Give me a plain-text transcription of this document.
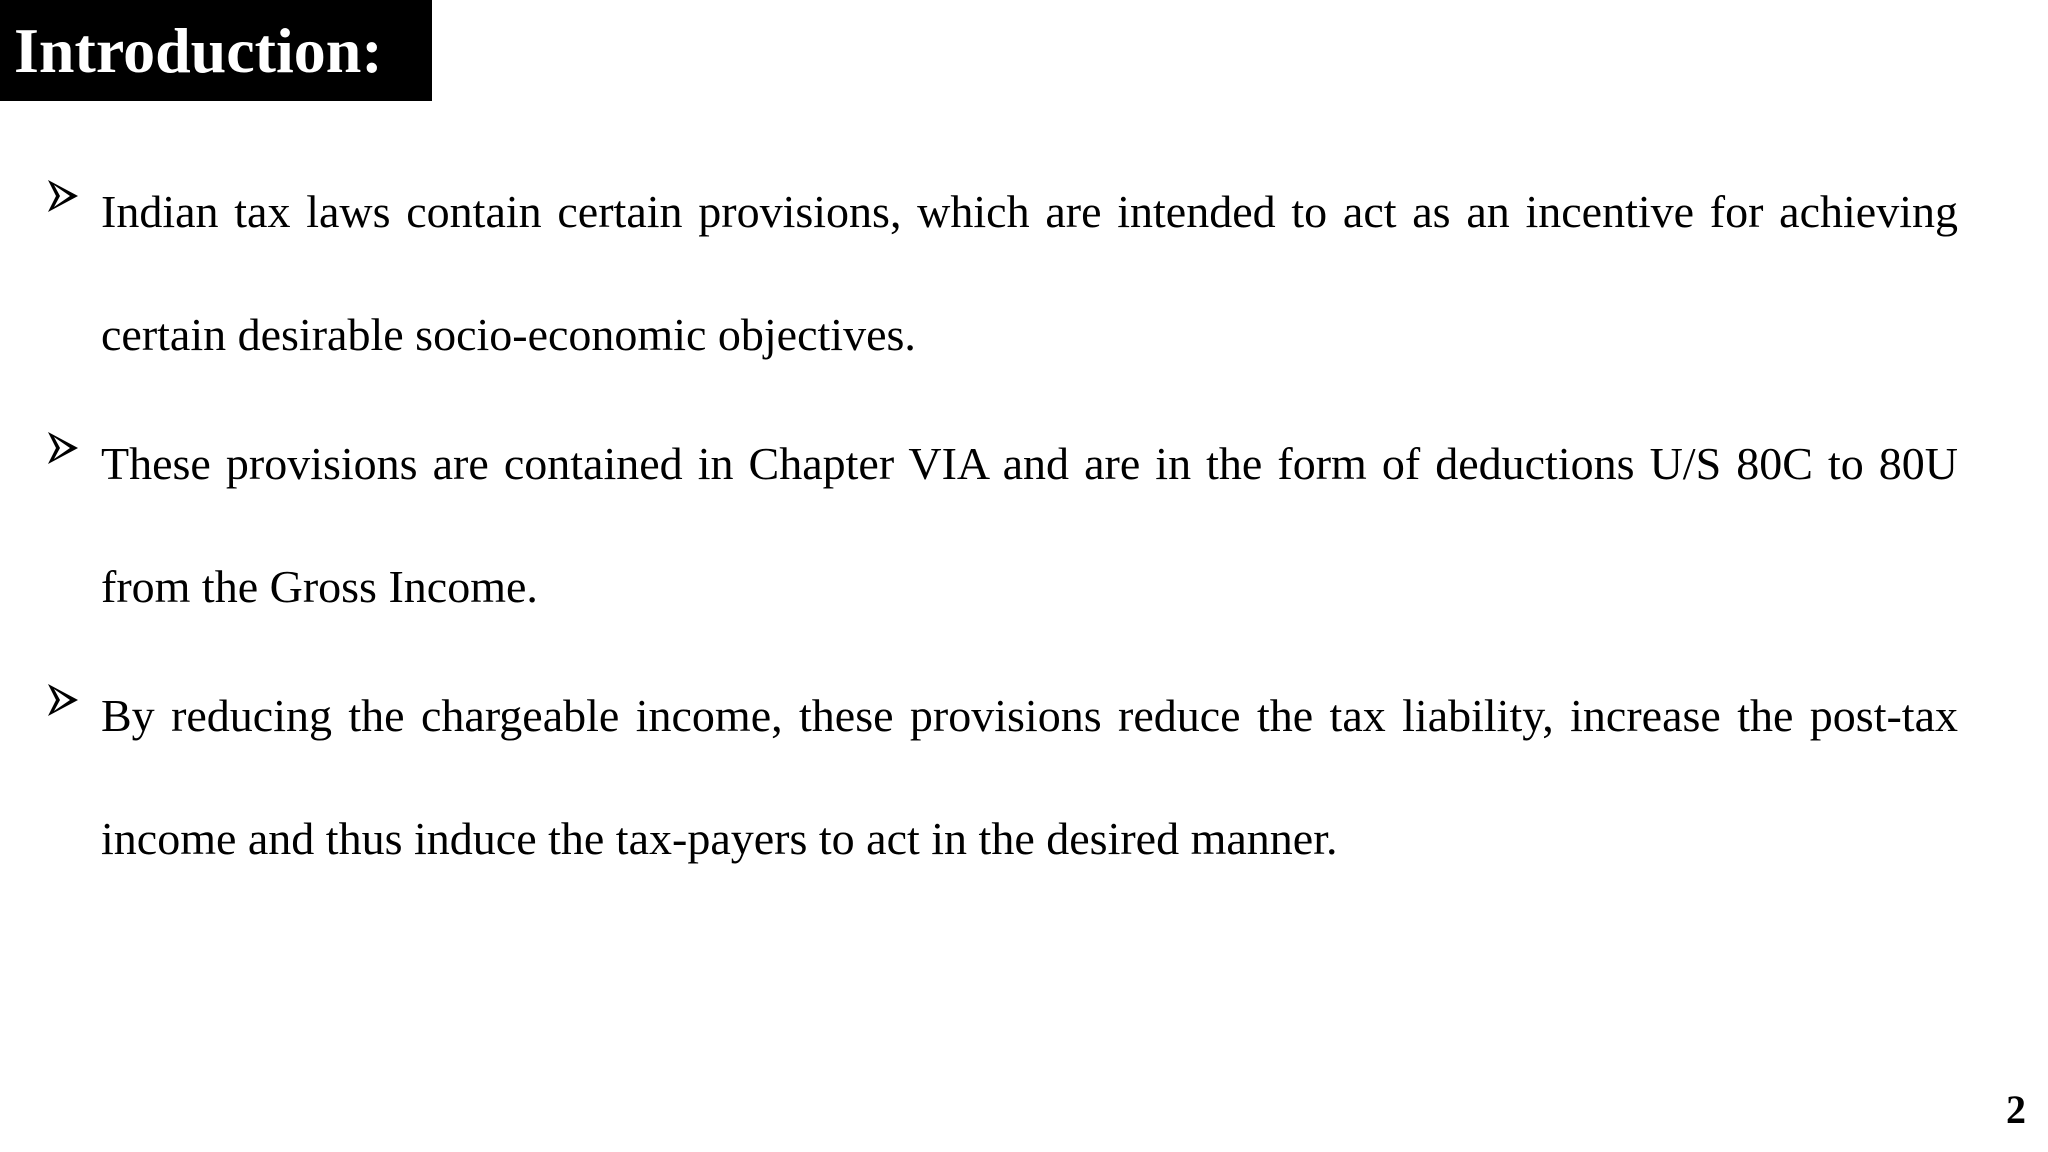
Introduction:
Indian tax laws contain certain provisions, which are intended to act as an incentive for achieving certain desirable socio-economic objectives.
These provisions are contained in Chapter VIA and are in the form of deductions U/S 80C to 80U from the Gross Income.
By reducing the chargeable income, these provisions reduce the tax liability, increase the post-tax income and thus induce the tax-payers to act in the desired manner.
2
